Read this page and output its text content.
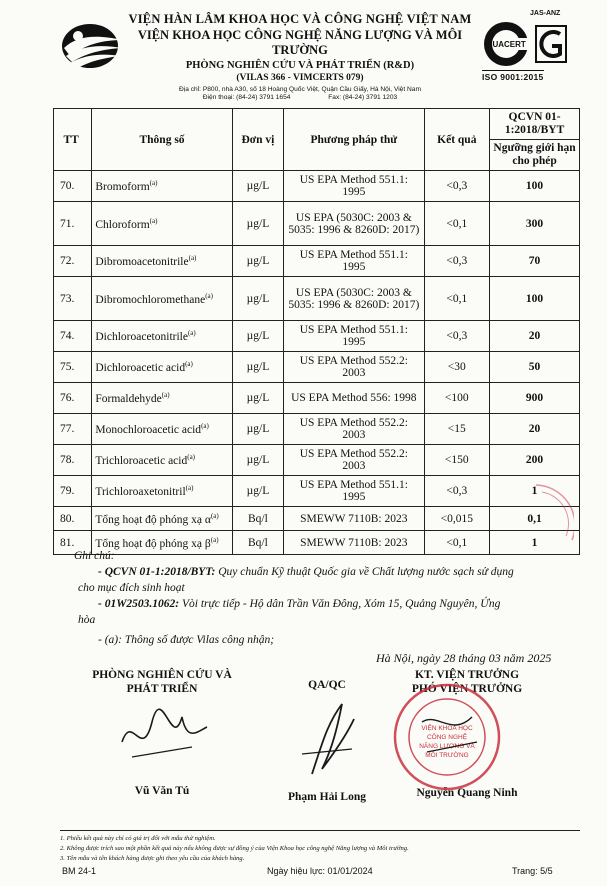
VIỆN HÀN LÂM KHOA HỌC VÀ CÔNG NGHỆ VIỆT NAM
VIỆN KHOA HỌC CÔNG NGHỆ NĂNG LƯỢNG VÀ MÔI TRƯỜNG
PHÒNG NGHIÊN CỨU VÀ PHÁT TRIỂN (R&D)
(VILAS 366 - VIMCERTS 079)
Địa chỉ: P800, nhà A30, số 18 Hoàng Quốc Việt, Quận Cầu Giấy, Hà Nội, Việt Nam
Điện thoại: (84-24) 3791 1654	Fax: (84-24) 3791 1203
JAS-ANZ
QUACERT
ISO 9001:2015
TT	Thông số	Đơn vị	Phương pháp thử	Kết quả	QCVN 01-1:2018/BYT
Ngưỡng giới hạn cho phép

70.	Bromoform$^{(a)}$	µg/L	US EPA Method 551.1: 1995	<0,3	100
71.	Chloroform$^{(a)}$	µg/L	US EPA (5030C: 2003 & 5035: 1996 & 8260D: 2017)	<0,1	300
72.	Dibromoacetonitrile$^{(a)}$	µg/L	US EPA Method 551.1: 1995	<0,3	70
73.	Dibromochloromethane$^{(a)}$	µg/L	US EPA (5030C: 2003 & 5035: 1996 & 8260D: 2017)	<0,1	100
74.	Dichloroacetonitrile$^{(a)}$	µg/L	US EPA Method 551.1: 1995	<0,3	20
75.	Dichloroacetic acid$^{(a)}$	µg/L	US EPA Method 552.2: 2003	<30	50
76.	Formaldehyde$^{(a)}$	µg/L	US EPA Method 556: 1998	<100	900
77.	Monochloroacetic acid$^{(a)}$	µg/L	US EPA Method 552.2: 2003	<15	20
78.	Trichloroacetic acid$^{(a)}$	µg/L	US EPA Method 552.2: 2003	<150	200
79.	Trichloroaxetonitril$^{(a)}$	µg/L	US EPA Method 551.1: 1995	<0,3	1
80.	Tổng hoạt độ phóng xạ $\alpha^{(a)}$	Bq/l	SMEWW 7110B: 2023	<0,015	0,1
81.	Tổng hoạt độ phóng xạ $\beta^{(a)}$	Bq/l	SMEWW 7110B: 2023	<0,1	1

Ghi chú:

- QCVN 01-1:2018/BYT: Quy chuẩn Kỹ thuật Quốc gia về Chất lượng nước sạch sử dụng

cho mục đích sinh hoạt

- 01W2503.1062: Vòi trực tiếp - Hộ dân Trần Văn Đông, Xóm 15, Quảng Nguyên, Ứng

hòa

- (a): Thông số được Vilas công nhận;

Hà Nội, ngày 28 tháng 03 năm 2025
PHÒNG NGHIÊN CỨU VÀ
PHÁT TRIỂN
Vũ Văn Tú
QA/QC
Phạm Hải Long
KT. VIỆN TRƯỞNG
PHÓ VIỆN TRƯỞNG
Nguyễn Quang Ninh
VIỆN KHOA HỌC
CÔNG NGHỆ
NĂNG LƯỢNG VÀ
MÔI TRƯỜNG
1. Phiếu kết quả này chỉ có giá trị đối với mẫu thử nghiệm.
2. Không được trích sao một phần kết quả này nếu không được sự đồng ý của Viện Khoa học công nghệ Năng lượng và Môi trường.
3. Tên mẫu và tên khách hàng được ghi theo yêu cầu của khách hàng.
BM 24-1	Ngày hiệu lực: 01/01/2024	Trang: 5/5
